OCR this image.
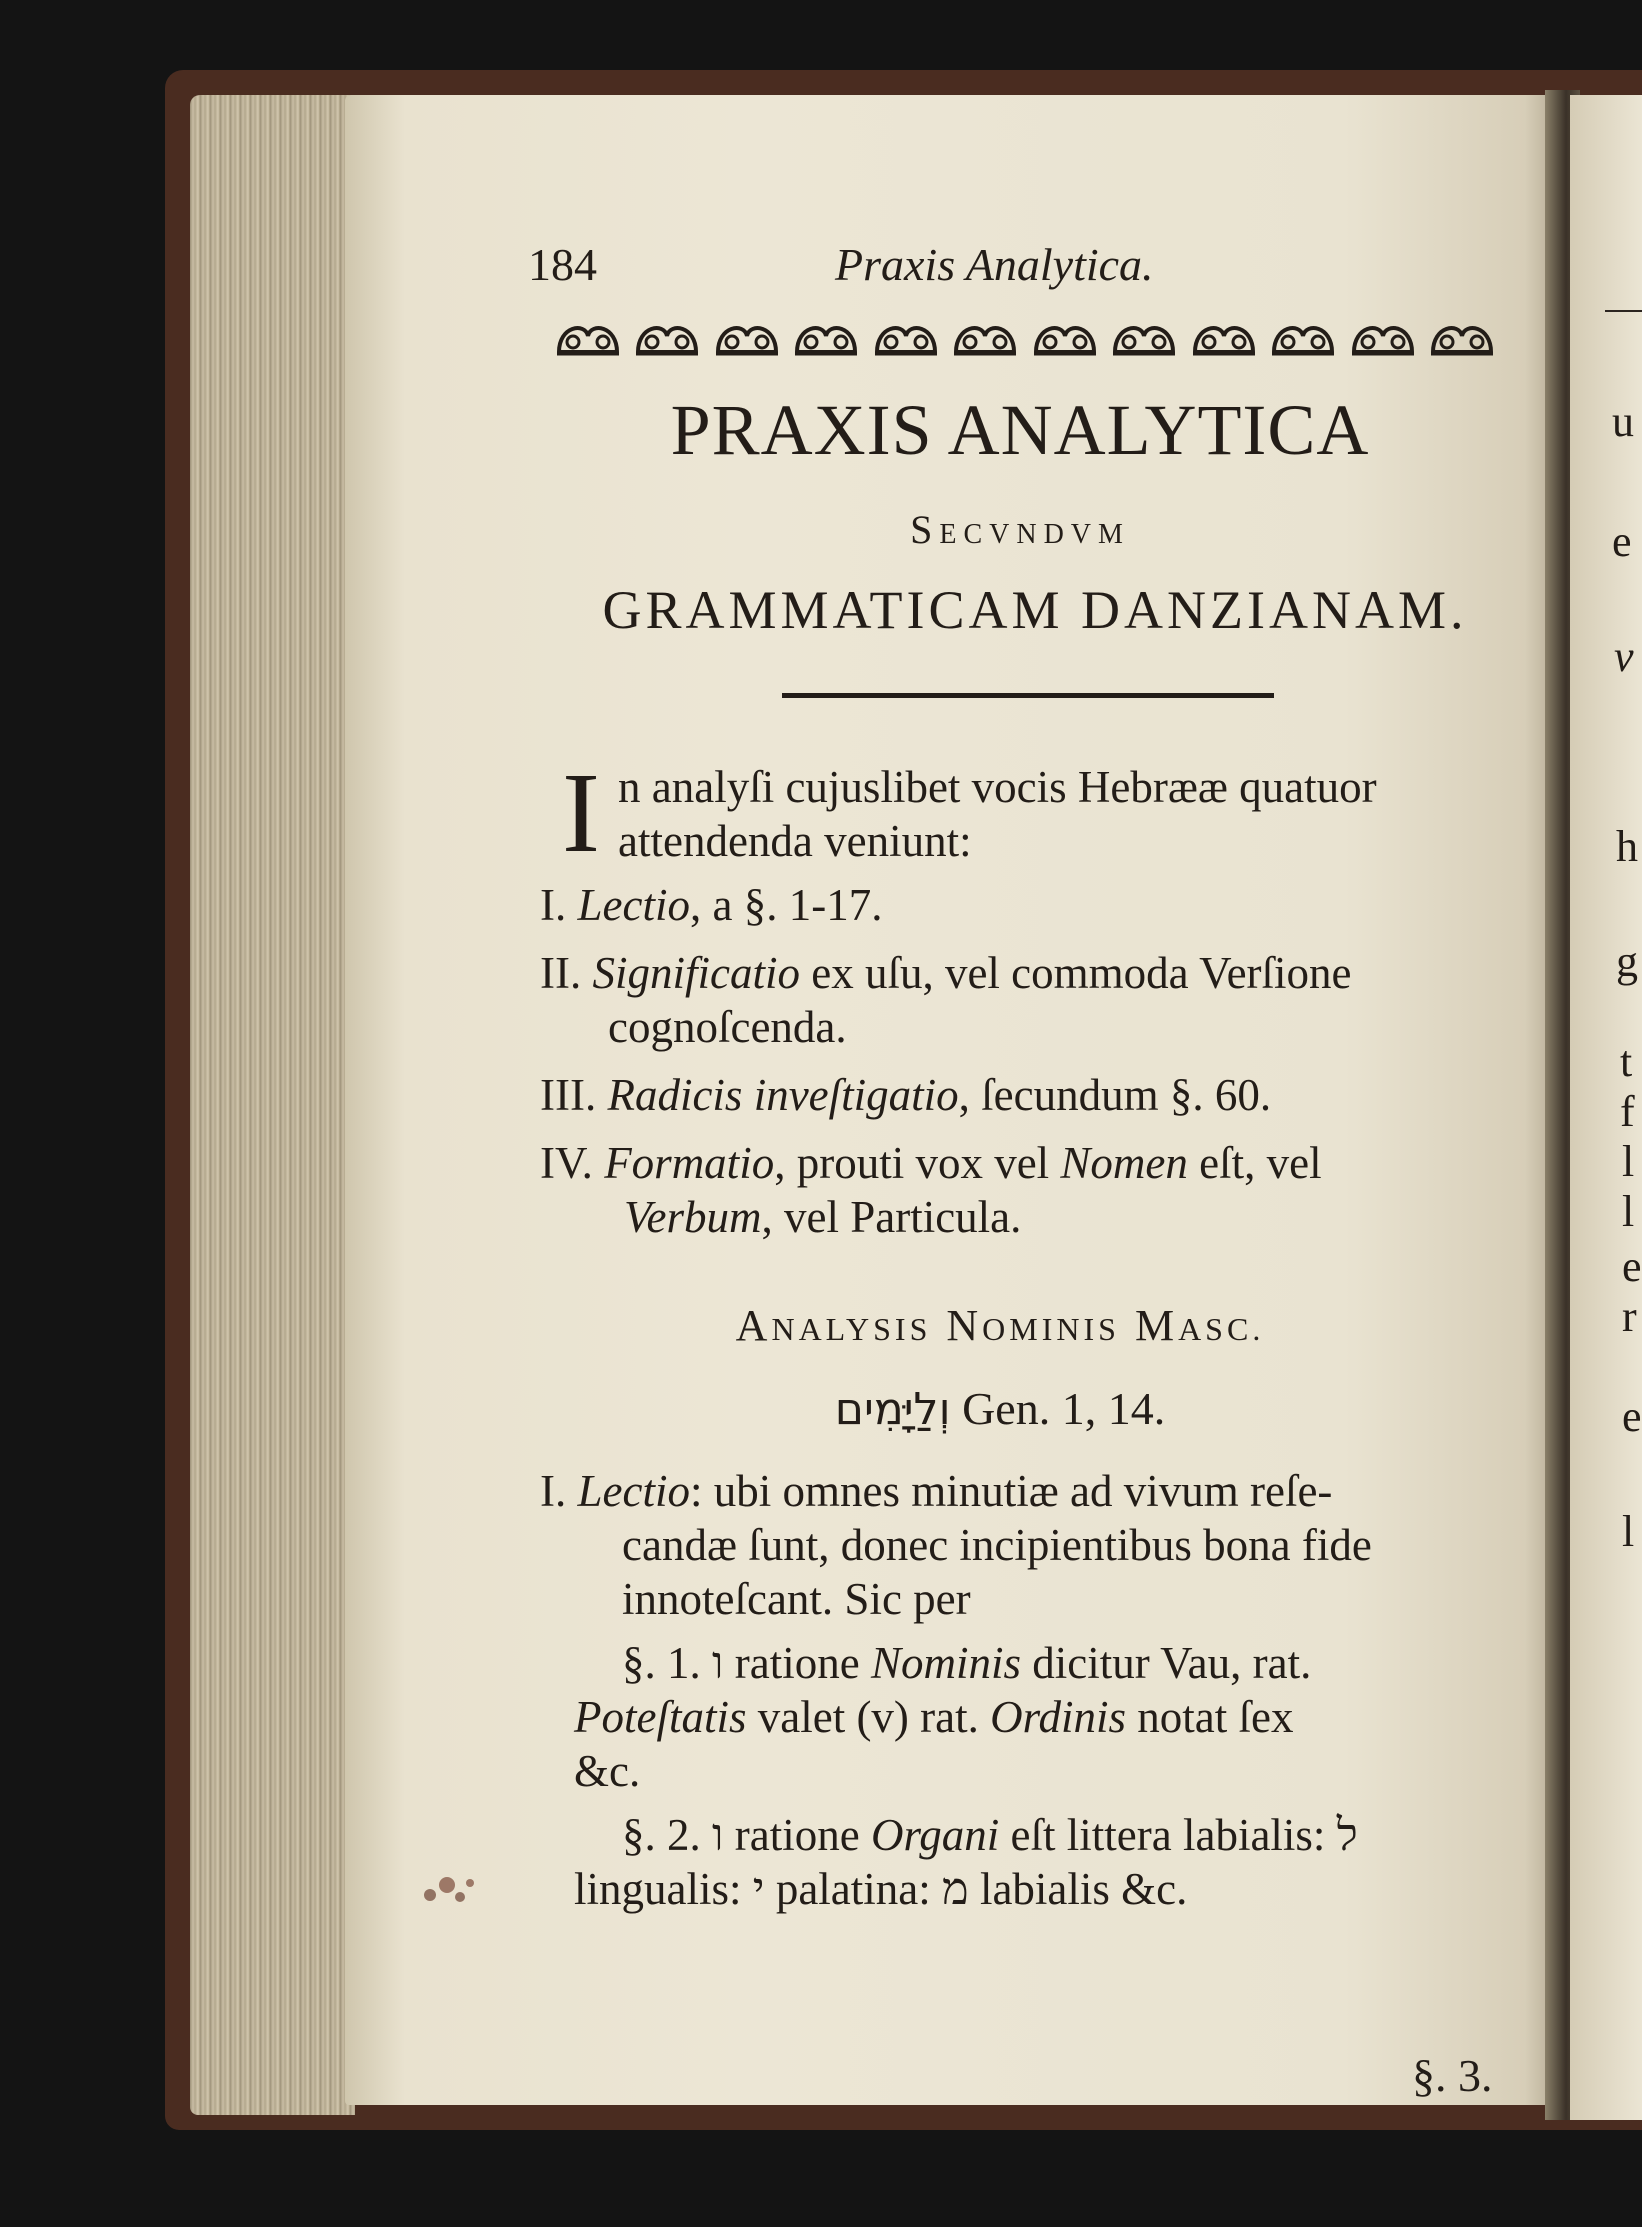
u
e
v
h
g
t
f
l
l
e
r
e
l
184	Praxis Analytica.
PRAXIS ANALYTICA
SECVNDVM
GRAMMATICAM DANZIANAM.
I n analyſi cujuslibet vocis Hebrææ quatuor
attendenda veniunt:
I. Lectio, a §. 1-17.
II. Significatio ex uſu, vel commoda Verſione
cognoſcenda.
III. Radicis inveſtigatio, ſecundum §. 60.
IV. Formatio, prouti vox vel Nomen eſt, vel
Verbum, vel Particula.
ANALYSIS NOMINIS MASC.
וְלַיָּמִים Gen. 1, 14.
I. Lectio: ubi omnes minutiæ ad vivum reſe-
candæ ſunt, donec incipientibus bona fide
innoteſcant. Sic per
§. 1. ו ratione Nominis dicitur Vau, rat.
Poteſtatis valet (v) rat. Ordinis notat ſex
&c.
§. 2. ו ratione Organi eſt littera labialis: ל
lingualis: י palatina: מ labialis &c.
§. 3.
